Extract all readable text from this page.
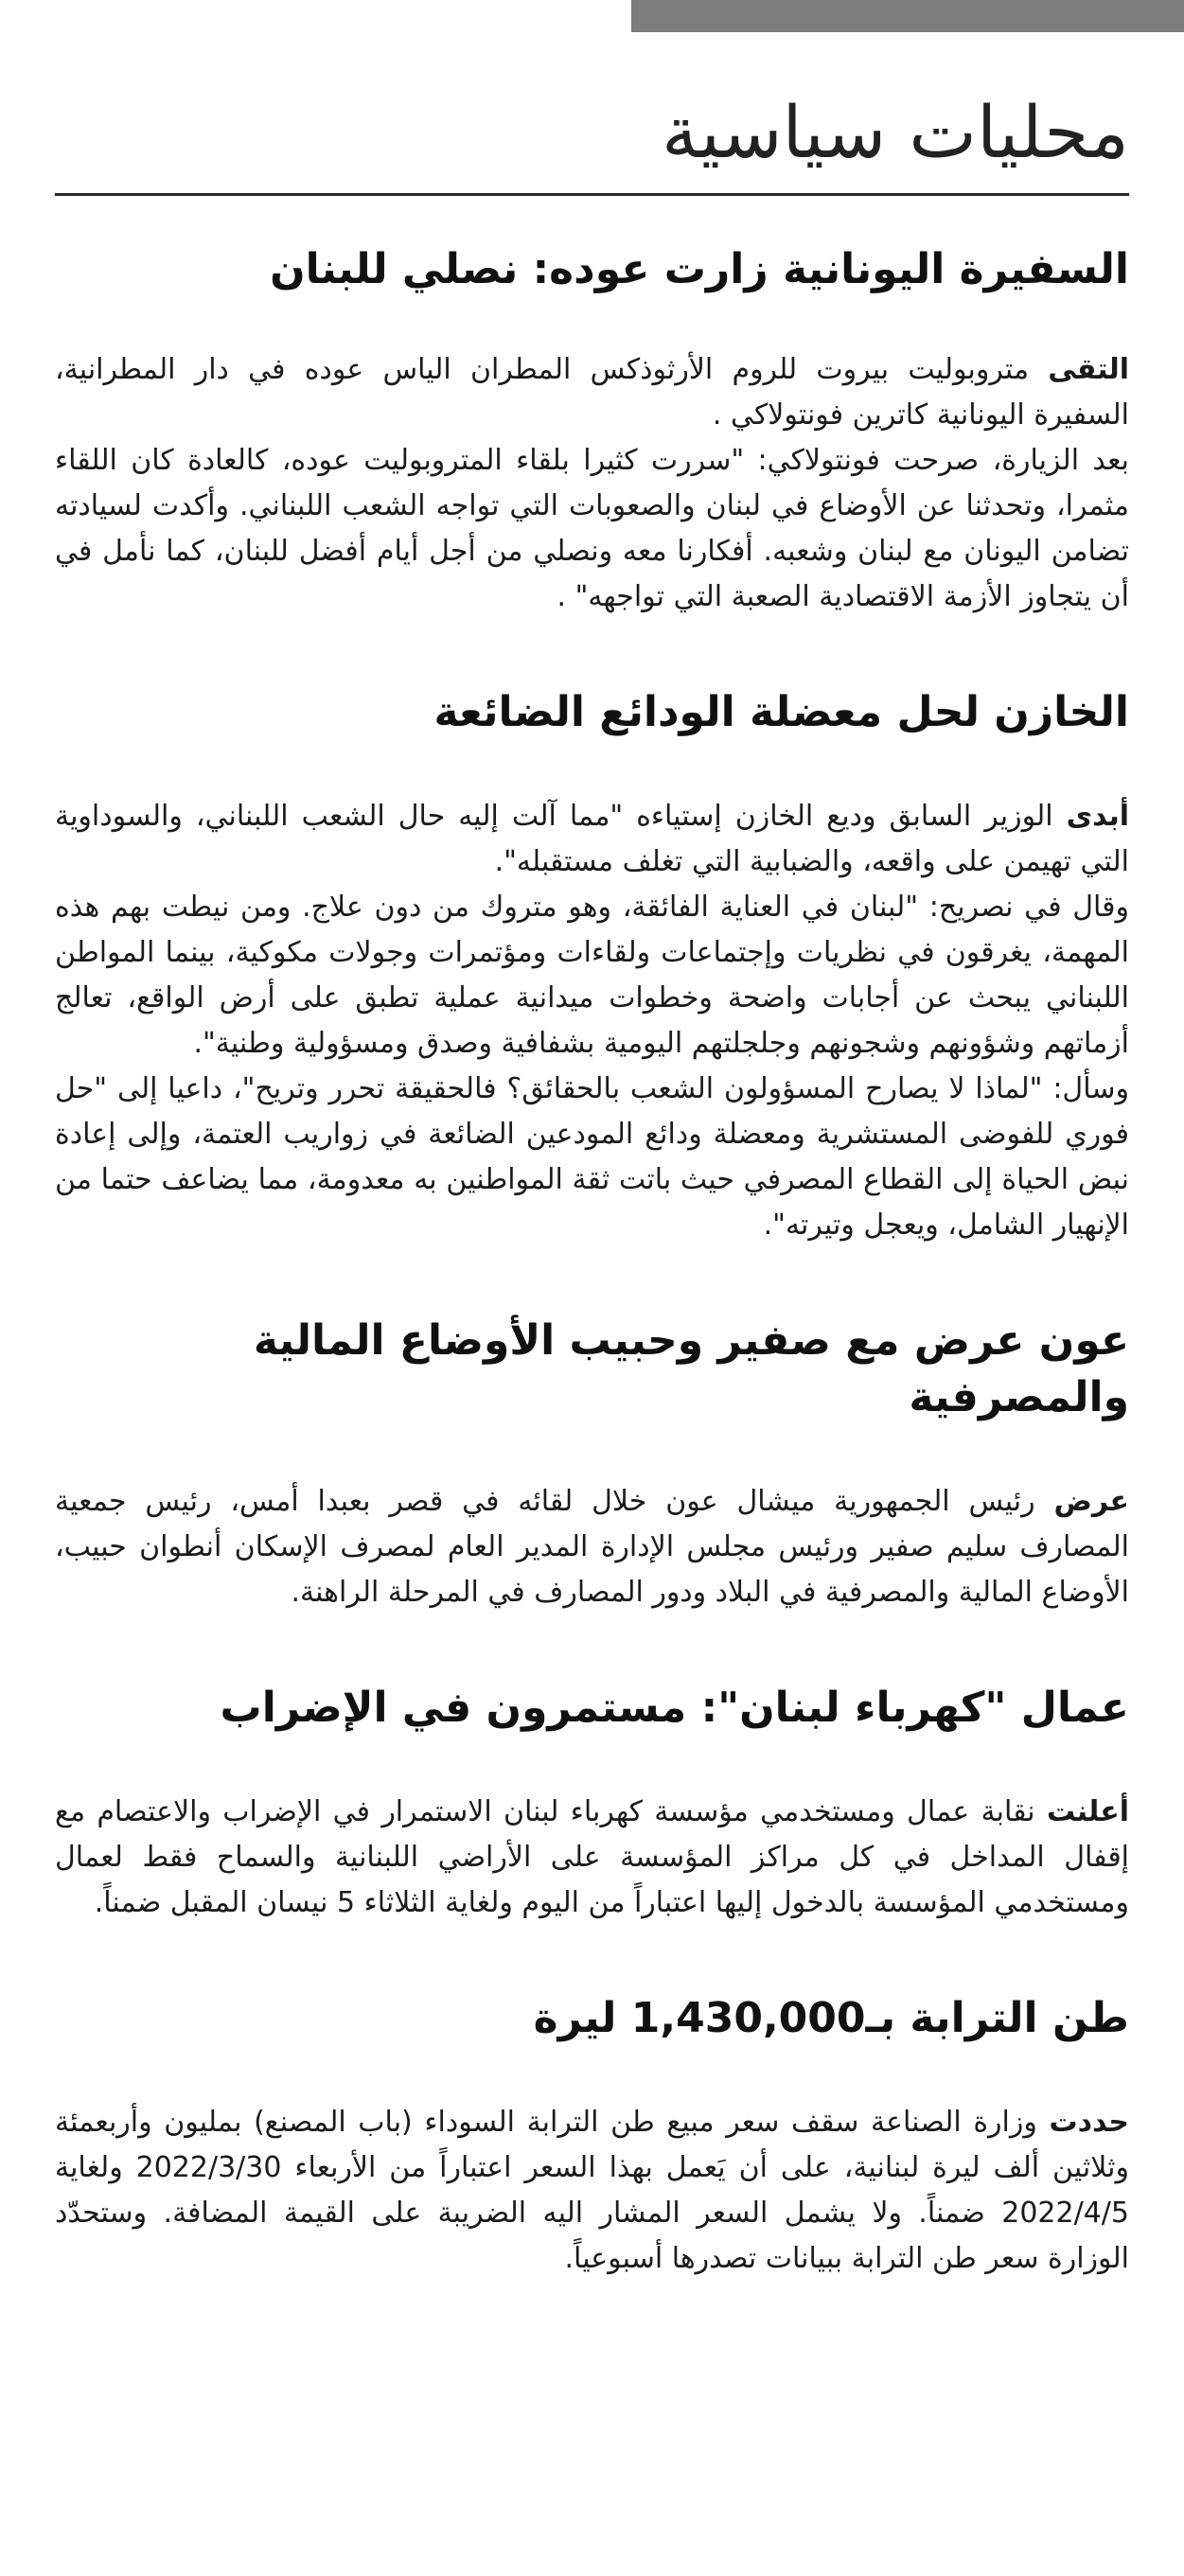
محليات سياسية
السفيرة اليونانية زارت عوده: نصلي للبنان
التقى متروبوليت بيروت للروم الأرثوذكس المطران الياس عوده في دار المطرانية، السفيرة اليونانية كاترين فونتولاكي .
بعد الزيارة، صرحت فونتولاكي: "سررت كثيرا بلقاء المتروبوليت عوده، كالعادة كان اللقاء مثمرا، وتحدثنا عن الأوضاع في لبنان والصعوبات التي تواجه الشعب اللبناني. وأكدت لسيادته تضامن اليونان مع لبنان وشعبه. أفكارنا معه ونصلي من أجل أيام أفضل للبنان، كما نأمل في أن يتجاوز الأزمة الاقتصادية الصعبة التي تواجهه" .
الخازن لحل معضلة الودائع الضائعة
أبدى الوزير السابق وديع الخازن إستياءه "مما آلت إليه حال الشعب اللبناني، والسوداوية التي تهيمن على واقعه، والضبابية التي تغلف مستقبله".
وقال في نصريح: "لبنان في العناية الفائقة، وهو متروك من دون علاج. ومن نيطت بهم هذه المهمة، يغرقون في نظريات وإجتماعات ولقاءات ومؤتمرات وجولات مكوكية، بينما المواطن اللبناني يبحث عن أجابات واضحة وخطوات ميدانية عملية تطبق على أرض الواقع، تعالج أزماتهم وشؤونهم وشجونهم وجلجلتهم اليومية بشفافية وصدق ومسؤولية وطنية".
وسأل: "لماذا لا يصارح المسؤولون الشعب بالحقائق؟ فالحقيقة تحرر وتريح"، داعيا إلى "حل فوري للفوضى المستشرية ومعضلة ودائع المودعين الضائعة في زواريب العتمة، وإلى إعادة نبض الحياة إلى القطاع المصرفي حيث باتت ثقة المواطنين به معدومة، مما يضاعف حتما من الإنهيار الشامل، ويعجل وتيرته".
عون عرض مع صفير وحبيب الأوضاع المالية والمصرفية
عرض رئيس الجمهورية ميشال عون خلال لقائه في قصر بعبدا أمس، رئيس جمعية المصارف سليم صفير ورئيس مجلس الإدارة المدير العام لمصرف الإسكان أنطوان حبيب، الأوضاع المالية والمصرفية في البلاد ودور المصارف في المرحلة الراهنة.
عمال "كهرباء لبنان": مستمرون في الإضراب
أعلنت نقابة عمال ومستخدمي مؤسسة كهرباء لبنان الاستمرار في الإضراب والاعتصام مع إقفال المداخل في كل مراكز المؤسسة على الأراضي اللبنانية والسماح فقط لعمال ومستخدمي المؤسسة بالدخول إليها اعتباراً من اليوم ولغاية الثلاثاء 5 نيسان المقبل ضمناً.
طن الترابة بـ1,430,000 ليرة
حددت وزارة الصناعة سقف سعر مبيع طن الترابة السوداء (باب المصنع) بمليون وأربعمئة وثلاثين ألف ليرة لبنانية، على أن يَعمل بهذا السعر اعتباراً من الأربعاء 2022/3/30 ولغاية 2022/4/5 ضمناً. ولا يشمل السعر المشار اليه الضريبة على القيمة المضافة. وستحدّد الوزارة سعر طن الترابة ببيانات تصدرها أسبوعياً.
